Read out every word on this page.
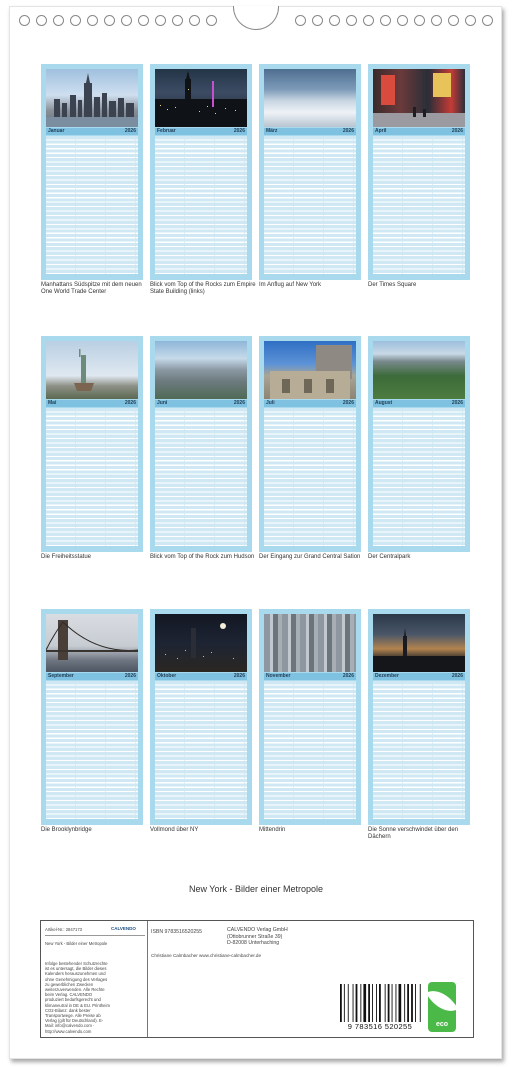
Januar	2026	Februar	2026	März	2026	April	2026
Manhattans Südspitze mit dem neuen One World Trade Center
Blick vom Top of the Rocks zum Empire State Building (links)
Im Anflug auf New York	Der Times Square
Mai	2026	Juni	2026	Juli	2026	August	2026
Die Freiheitsstatue	Blick vom Top of the Rock zum Hudson Der Eingang zur Grand Central Sation	Der Centralpark
September	2026	Oktober	2026	November	2026	Dezember	2026
Die Brooklynbridge	Vollmond über NY	Mittendrin	Die Sonne verschwindet über den Dächern
New York - Bilder einer Metropole
Artikel-Nr.: 2847173	CALVENDO
New York - Bilder einer Metropole
Infolge bestehender Schutzrechte ist es untersagt, die Bilder dieses Kalenders herauszunehmen und ohne Genehmigung des Verlages zu gewerblichen Zwecken weiterzuverwenden. Alle Rechte beim Verlag. CALVENDO produziert bedarfsgerecht und klimaneutral in DE & EU. Printheim CO2-Bilanz: dank bester Transportwege. Alle Preise ab Verlag (gilt für Deutschland). E-Mail: info@calvendo.com · http://www.calvendo.com
ISBN 9783516520255	CALVENDO Verlag GmbH
(Ottobrunner Straße 39)
D-82008 Unterhaching
Christiane Calmbacher www.christiane-calmbacher.de
9 783516 520255	eco
